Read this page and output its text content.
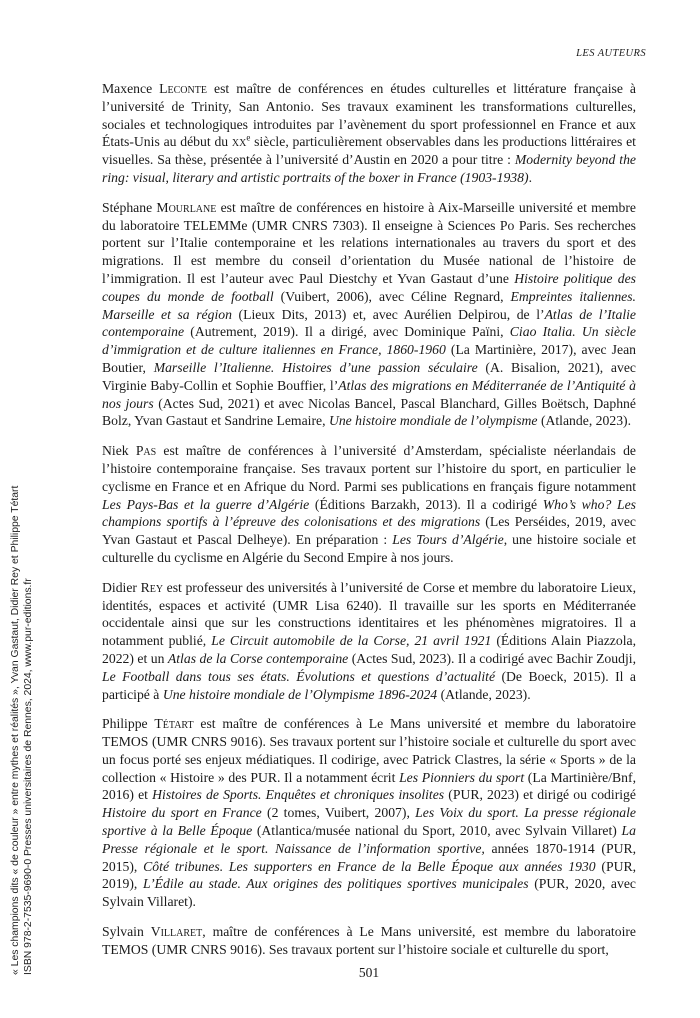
LES AUTEURS

Maxence Leconte est maître de conférences en études culturelles et littérature française à l’université de Trinity, San Antonio. Ses travaux examinent les transformations culturelles, sociales et technologiques introduites par l’avènement du sport professionnel en France et aux États-Unis au début du $xx^e$ siècle, particulièrement observables dans les productions littéraires et visuelles. Sa thèse, présentée à l’université d’Austin en 2020 a pour titre : Modernity beyond the ring: visual, literary and artistic portraits of the boxer in France (1903-1938).

Stéphane Mourlane est maître de conférences en histoire à Aix-Marseille université et membre du laboratoire TELEMMe (UMR CNRS 7303). Il enseigne à Sciences Po Paris. Ses recherches portent sur l’Italie contemporaine et les relations internationales au travers du sport et des migrations. Il est membre du conseil d’orientation du Musée national de l’histoire de l’immigration. Il est l’auteur avec Paul Diestchy et Yvan Gastaut d’une Histoire politique des coupes du monde de football (Vuibert, 2006), avec Céline Regnard, Empreintes italiennes. Marseille et sa région (Lieux Dits, 2013) et, avec Aurélien Delpirou, de l’Atlas de l’Italie contemporaine (Autrement, 2019). Il a dirigé, avec Dominique Païni, Ciao Italia. Un siècle d’immigration et de culture italiennes en France, 1860-1960 (La Martinière, 2017), avec Jean Boutier, Marseille l’Italienne. Histoires d’une passion séculaire (A. Bisalion, 2021), avec Virginie Baby-Collin et Sophie Bouffier, l’Atlas des migrations en Méditerranée de l’Antiquité à nos jours (Actes Sud, 2021) et avec Nicolas Bancel, Pascal Blanchard, Gilles Boëtsch, Daphné Bolz, Yvan Gastaut et Sandrine Lemaire, Une histoire mondiale de l’olympisme (Atlande, 2023).

Niek Pas est maître de conférences à l’université d’Amsterdam, spécialiste néerlandais de l’histoire contemporaine française. Ses travaux portent sur l’histoire du sport, en particulier le cyclisme en France et en Afrique du Nord. Parmi ses publications en français figure notamment Les Pays-Bas et la guerre d’Algérie (Éditions Barzakh, 2013). Il a codirigé Who’s who? Les champions sportifs à l’épreuve des colonisations et des migrations (Les Perséides, 2019, avec Yvan Gastaut et Pascal Delheye). En préparation : Les Tours d’Algérie, une histoire sociale et culturelle du cyclisme en Algérie du Second Empire à nos jours.

Didier Rey est professeur des universités à l’université de Corse et membre du laboratoire Lieux, identités, espaces et activité (UMR Lisa 6240). Il travaille sur les sports en Méditerranée occidentale ainsi que sur les constructions identitaires et les phénomènes migratoires. Il a notamment publié, Le Circuit automobile de la Corse, 21 avril 1921 (Éditions Alain Piazzola, 2022) et un Atlas de la Corse contemporaine (Actes Sud, 2023). Il a codirigé avec Bachir Zoudji, Le Football dans tous ses états. Évolutions et questions d’actualité (De Boeck, 2015). Il a participé à Une histoire mondiale de l’Olympisme 1896-2024 (Atlande, 2023).

Philippe Tétart est maître de conférences à Le Mans université et membre du laboratoire TEMOS (UMR CNRS 9016). Ses travaux portent sur l’histoire sociale et culturelle du sport avec un focus porté ses enjeux médiatiques. Il codirige, avec Patrick Clastres, la série « Sports » de la collection « Histoire » des PUR. Il a notamment écrit Les Pionniers du sport (La Martinière/Bnf, 2016) et Histoires de Sports. Enquêtes et chroniques insolites (PUR, 2023) et dirigé ou codirigé Histoire du sport en France (2 tomes, Vuibert, 2007), Les Voix du sport. La presse régionale sportive à la Belle Époque (Atlantica/musée national du Sport, 2010, avec Sylvain Villaret) La Presse régionale et le sport. Naissance de l’information sportive, années 1870-1914 (PUR, 2015), Côté tribunes. Les supporters en France de la Belle Époque aux années 1930 (PUR, 2019), L’Édile au stade. Aux origines des politiques sportives municipales (PUR, 2020, avec Sylvain Villaret).

Sylvain Villaret, maître de conférences à Le Mans université, est membre du laboratoire TEMOS (UMR CNRS 9016). Ses travaux portent sur l’histoire sociale et culturelle du sport,

501
« Les champions dits « de couleur » entre mythes et réalités », Yvan Gastaut, Didier Rey et Philippe Tétart ISBN 978-2-7535-9690-0 Presses universitaires de Rennes, 2024, www.pur-editions.fr
